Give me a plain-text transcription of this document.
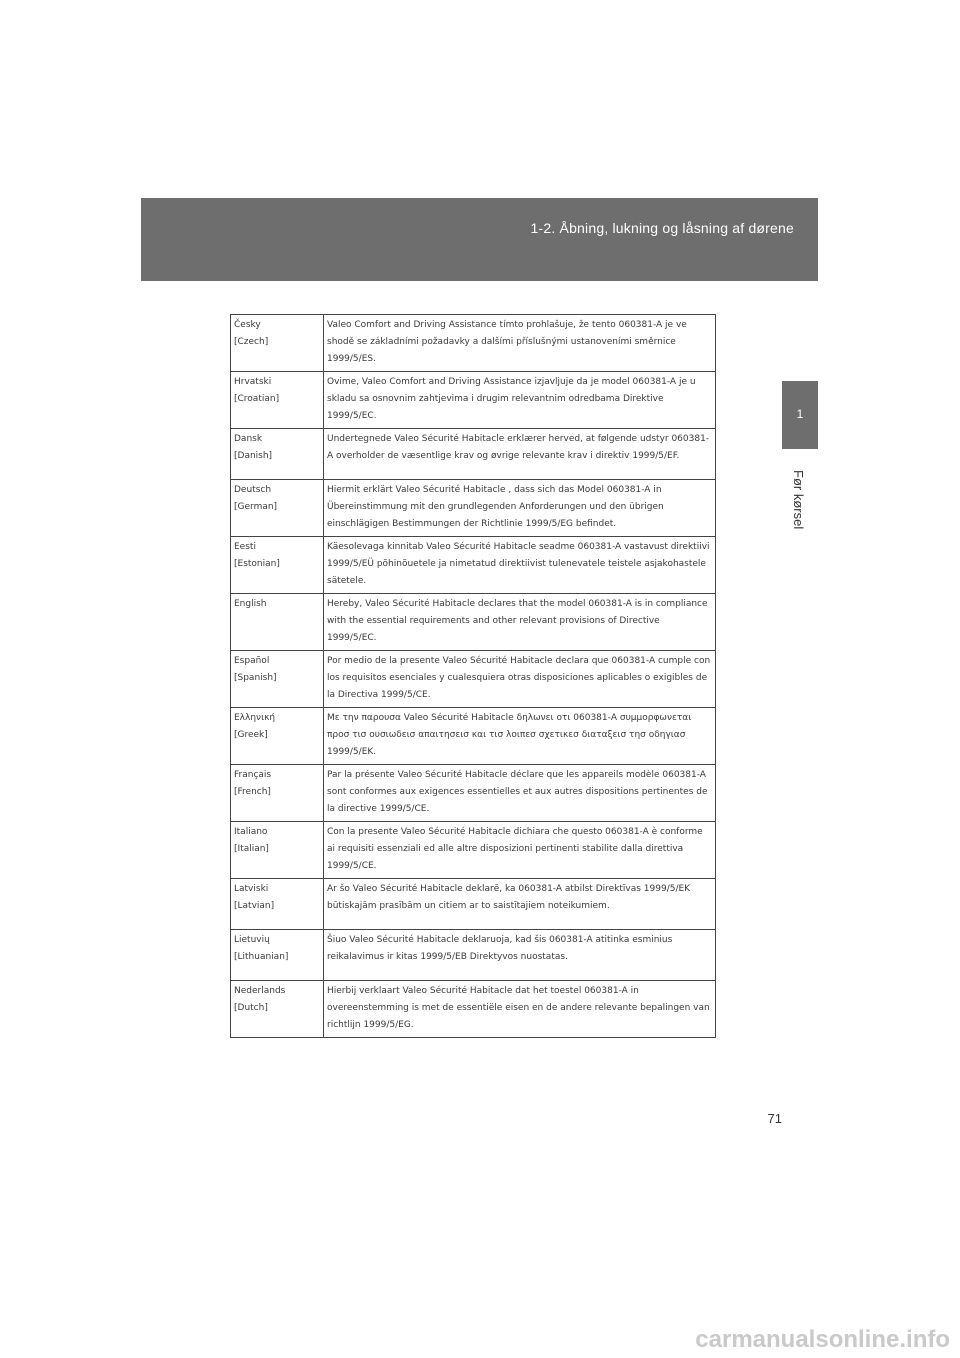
1-2. Åbning, lukning og låsning af dørene
1
Før kørsel
Česky
[Czech]	Valeo Comfort and Driving Assistance tímto prohlašuje, že tento 060381-A je ve shodě se základními požadavky a dalšími příslušnými ustanoveními směrnice 1999/5/ES.

Hrvatski
[Croatian]	Ovime, Valeo Comfort and Driving Assistance izjavljuje da je model 060381-A je u skladu sa osnovnim zahtjevima i drugim relevantnim odredbama Direktive 1999/5/EC.

Dansk
[Danish]	Undertegnede Valeo Sécurité Habitacle erklærer herved, at følgende udstyr 060381-A overholder de væsentlige krav og øvrige relevante krav i direktiv 1999/5/EF.

Deutsch
[German]	Hiermit erklärt Valeo Sécurité Habitacle , dass sich das Model 060381-A in Übereinstimmung mit den grundlegenden Anforderungen und den übrigen einschlägigen Bestimmungen der Richtlinie 1999/5/EG befindet.

Eesti
[Estonian]	Käesolevaga kinnitab Valeo Sécurité Habitacle seadme 060381-A vastavust direktiivi 1999/5/EÜ põhinõuetele ja nimetatud direktiivist tulenevatele teistele asjakohastele sätetele.

English	Hereby, Valeo Sécurité Habitacle declares that the model 060381-A is in compliance with the essential requirements and other relevant provisions of Directive 1999/5/EC.

Español
[Spanish]	Por medio de la presente Valeo Sécurité Habitacle declara que 060381-A cumple con los requisitos esenciales y cualesquiera otras disposiciones aplicables o exigibles de la Directiva 1999/5/CE.

Ελληνική
[Greek]	Με την παρουσα Valeo Sécurité Habitacle δηλωνει οτι 060381-A συμμορφωνεται προσ τισ ουσιωδεισ απαιτησεισ και τισ λοιπεσ σχετικεσ διαταξεισ τησ οδηγιασ 1999/5/ΕΚ.

Français
[French]	Par la présente Valeo Sécurité Habitacle déclare que les appareils modèle 060381-A sont conformes aux exigences essentielles et aux autres dispositions pertinentes de la directive 1999/5/CE.

Italiano
[Italian]	Con la presente Valeo Sécurité Habitacle dichiara che questo 060381-A è conforme ai requisiti essenziali ed alle altre disposizioni pertinenti stabilite dalla direttiva 1999/5/CE.

Latviski
[Latvian]	Ar šo Valeo Sécurité Habitacle deklarē, ka 060381-A atbilst Direktīvas 1999/5/EK būtiskajām prasībām un citiem ar to saistītajiem noteikumiem.

Lietuvių
[Lithuanian]	Šiuo Valeo Sécurité Habitacle deklaruoja, kad šis 060381-A atitinka esminius reikalavimus ir kitas 1999/5/EB Direktyvos nuostatas.

Nederlands
[Dutch]	Hierbij verklaart Valeo Sécurité Habitacle dat het toestel 060381-A in overeenstemming is met de essentiële eisen en de andere relevante bepalingen van richtlijn 1999/5/EG.
71
carmanualsonline.info
